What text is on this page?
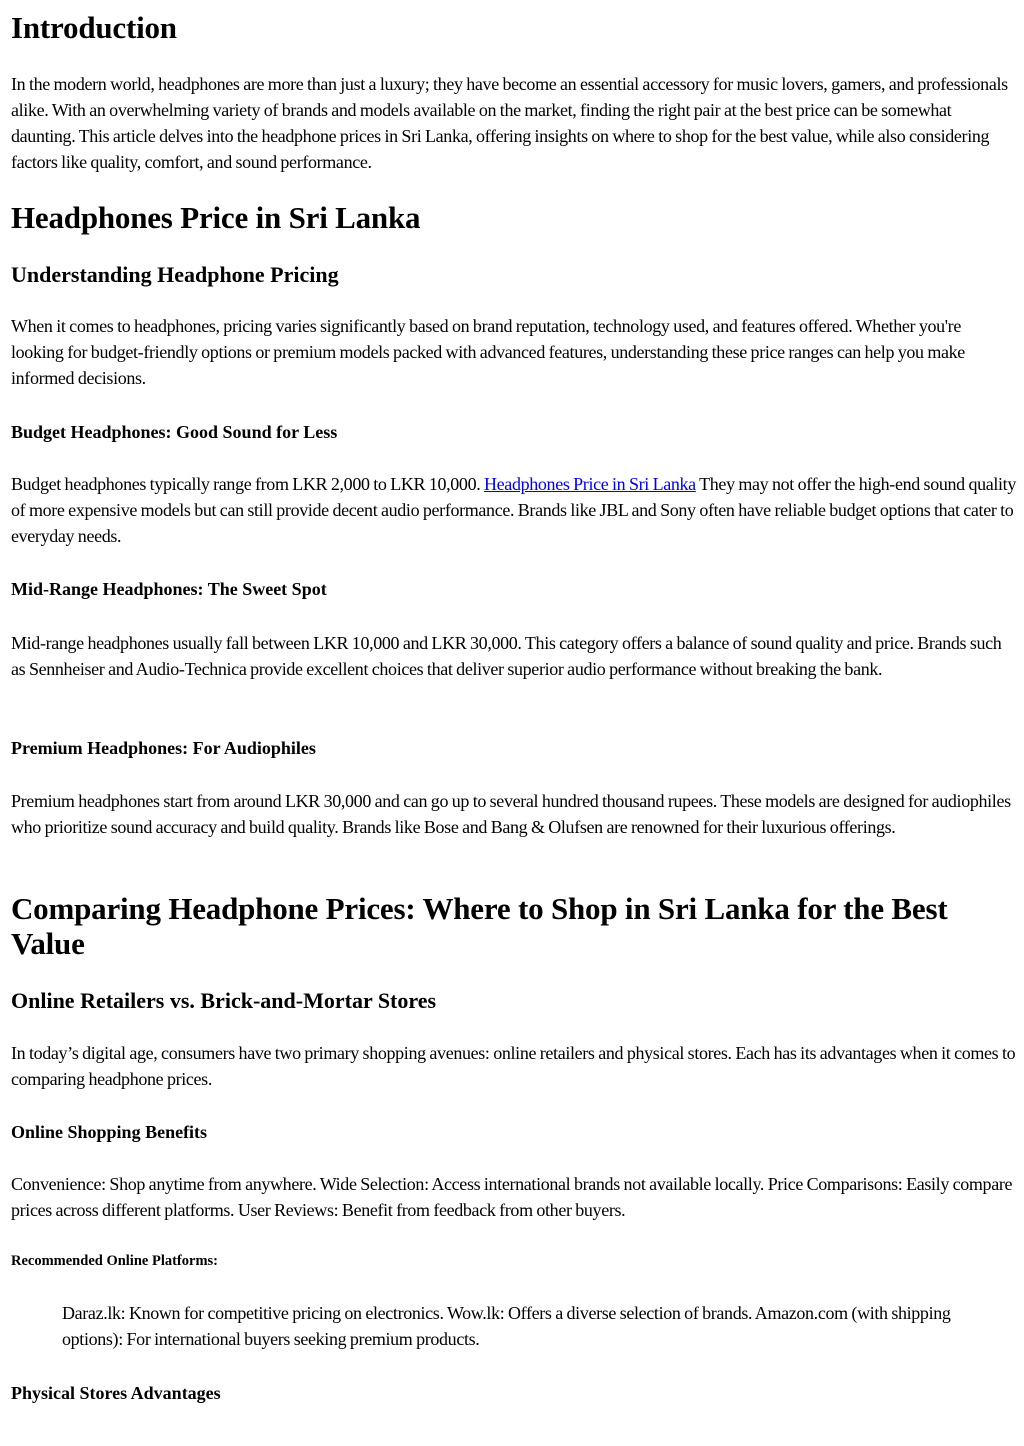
Introduction

In the modern world, headphones are more than just a luxury; they have become an essential accessory for music lovers, gamers, and professionals alike. With an overwhelming variety of brands and models available on the market, finding the right pair at the best price can be somewhat daunting. This article delves into the headphone prices in Sri Lanka, offering insights on where to shop for the best value, while also considering factors like quality, comfort, and sound performance.

Headphones Price in Sri Lanka
Understanding Headphone Pricing

When it comes to headphones, pricing varies significantly based on brand reputation, technology used, and features offered. Whether you're looking for budget-friendly options or premium models packed with advanced features, understanding these price ranges can help you make informed decisions.

Budget Headphones: Good Sound for Less

Budget headphones typically range from LKR 2,000 to LKR 10,000. Headphones Price in Sri Lanka They may not offer the high-end sound quality of more expensive models but can still provide decent audio performance. Brands like JBL and Sony often have reliable budget options that cater to everyday needs.

Mid-Range Headphones: The Sweet Spot

Mid-range headphones usually fall between LKR 10,000 and LKR 30,000. This category offers a balance of sound quality and price. Brands such as Sennheiser and Audio-Technica provide excellent choices that deliver superior audio performance without breaking the bank.

Premium Headphones: For Audiophiles

Premium headphones start from around LKR 30,000 and can go up to several hundred thousand rupees. These models are designed for audiophiles who prioritize sound accuracy and build quality. Brands like Bose and Bang & Olufsen are renowned for their luxurious offerings.

Comparing Headphone Prices: Where to Shop in Sri Lanka for the Best Value
Online Retailers vs. Brick-and-Mortar Stores

In today’s digital age, consumers have two primary shopping avenues: online retailers and physical stores. Each has its advantages when it comes to comparing headphone prices.

Online Shopping Benefits

Convenience: Shop anytime from anywhere. Wide Selection: Access international brands not available locally. Price Comparisons: Easily compare prices across different platforms. User Reviews: Benefit from feedback from other buyers.

Recommended Online Platforms:

Daraz.lk: Known for competitive pricing on electronics. Wow.lk: Offers a diverse selection of brands. Amazon.com (with shipping options): For international buyers seeking premium products.

Physical Stores Advantages
